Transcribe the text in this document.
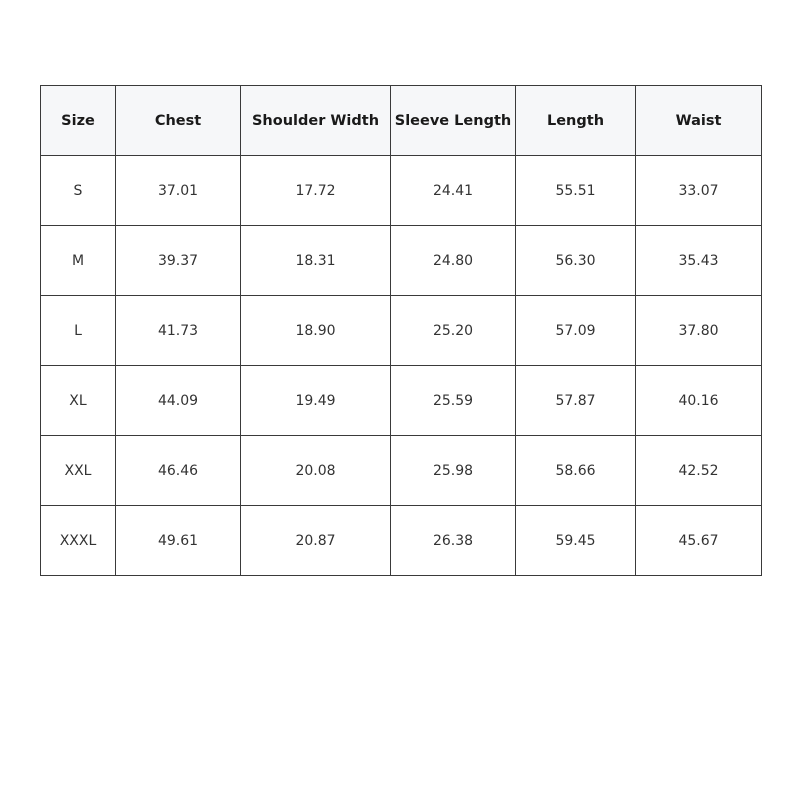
Size	Chest	Shoulder Width	Sleeve Length	Length	Waist
S	37.01	17.72	24.41	55.51	33.07
M	39.37	18.31	24.80	56.30	35.43
L	41.73	18.90	25.20	57.09	37.80
XL	44.09	19.49	25.59	57.87	40.16
XXL	46.46	20.08	25.98	58.66	42.52
XXXL	49.61	20.87	26.38	59.45	45.67
